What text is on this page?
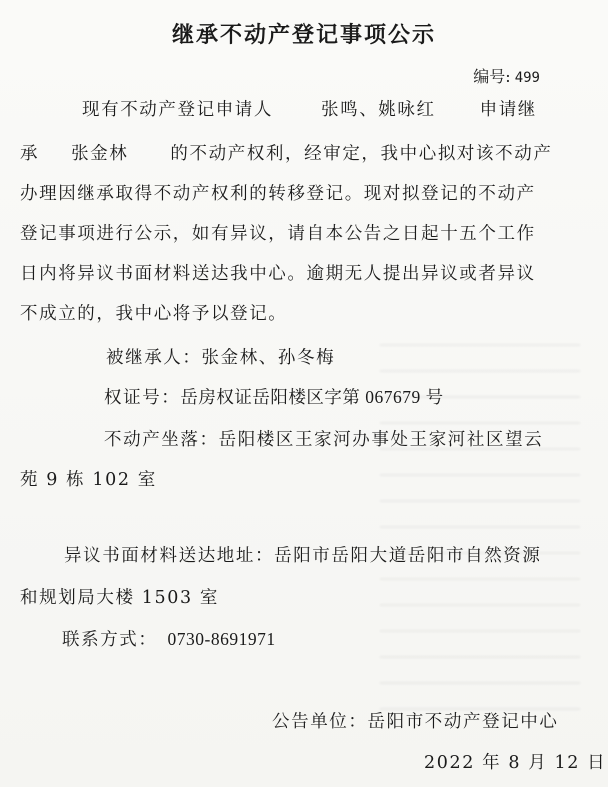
继承不动产登记事项公示
编号: 499
现有不动产登记申请人	张鸣、姚咏红	申请继
承 张金林 的不动产权利，经审定，我中心拟对该不动产
办理因继承取得不动产权利的转移登记。现对拟登记的不动产
登记事项进行公示，如有异议，请自本公告之日起十五个工作
日内将异议书面材料送达我中心。逾期无人提出异议或者异议
不成立的，我中心将予以登记。
被继承人：张金林、孙冬梅
权证号：岳房权证岳阳楼区字第 067679 号
不动产坐落：岳阳楼区王家河办事处王家河社区望云
苑 9 栋 102 室
异议书面材料送达地址：岳阳市岳阳大道岳阳市自然资源
和规划局大楼 1503 室
联系方式： 0730-8691971
公告单位：岳阳市不动产登记中心
2022 年 8 月 12 日
